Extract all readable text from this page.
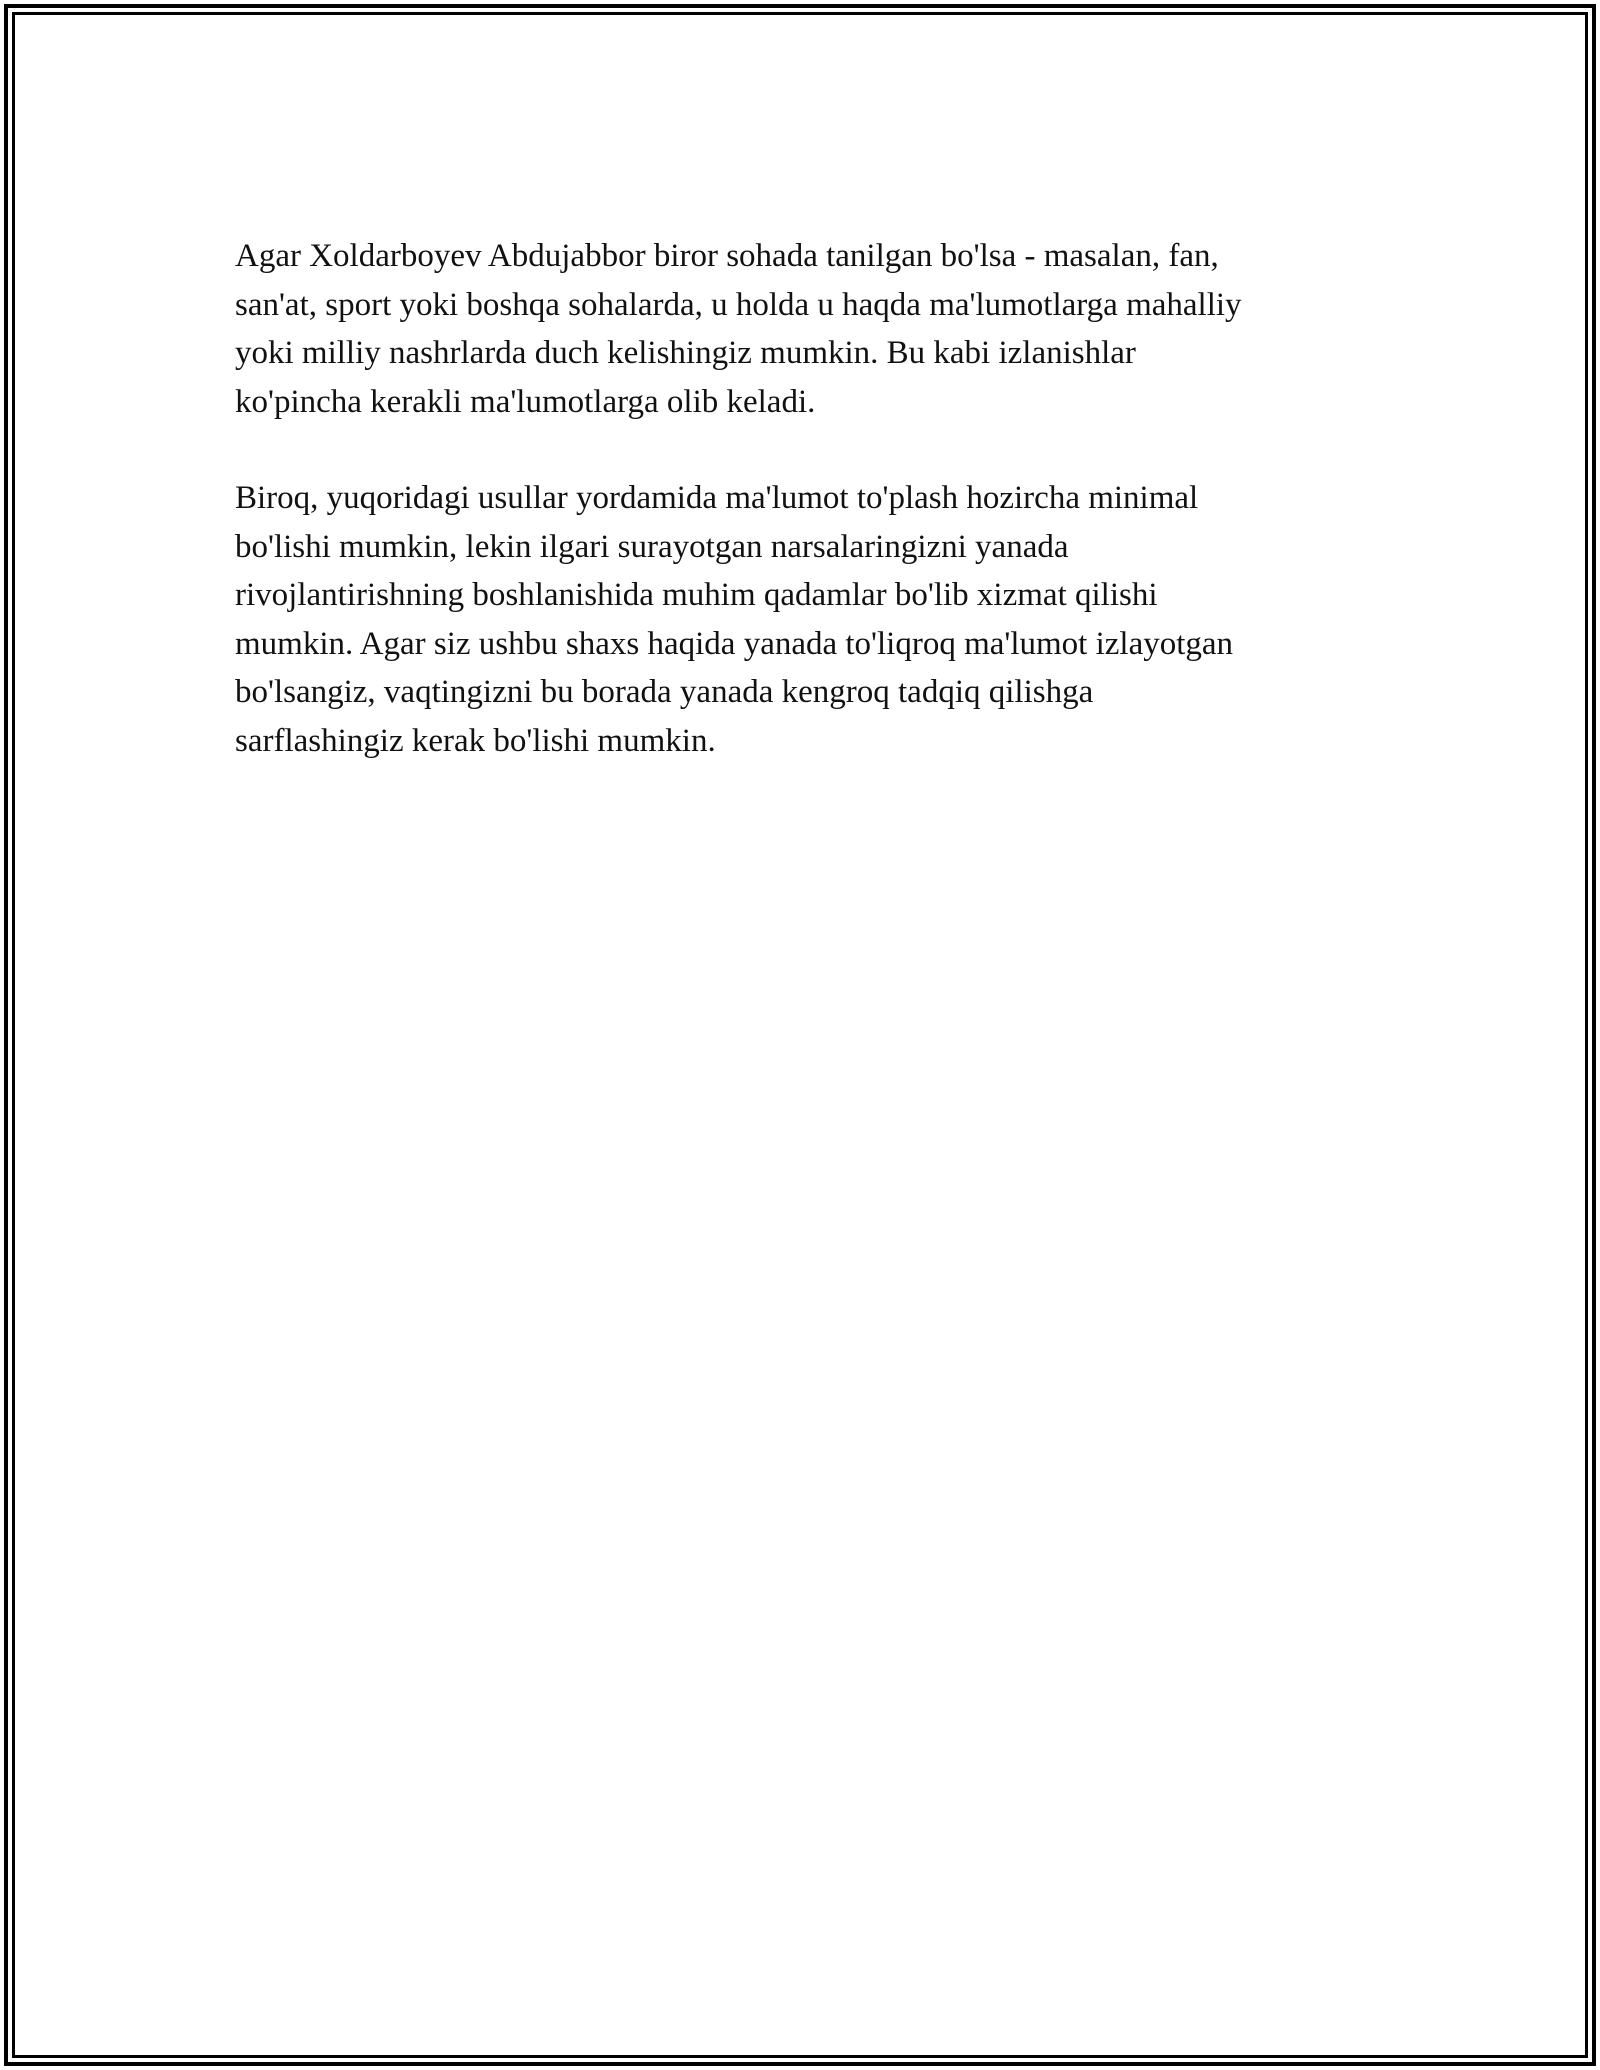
Agar Xoldarboyev Abdujabbor biror sohada tanilgan bo'lsa - masalan, fan,
san'at, sport yoki boshqa sohalarda, u holda u haqda ma'lumotlarga mahalliy
yoki milliy nashrlarda duch kelishingiz mumkin. Bu kabi izlanishlar
ko'pincha kerakli ma'lumotlarga olib keladi.

Biroq, yuqoridagi usullar yordamida ma'lumot to'plash hozircha minimal
bo'lishi mumkin, lekin ilgari surayotgan narsalaringizni yanada
rivojlantirishning boshlanishida muhim qadamlar bo'lib xizmat qilishi
mumkin. Agar siz ushbu shaxs haqida yanada to'liqroq ma'lumot izlayotgan
bo'lsangiz, vaqtingizni bu borada yanada kengroq tadqiq qilishga
sarflashingiz kerak bo'lishi mumkin.
